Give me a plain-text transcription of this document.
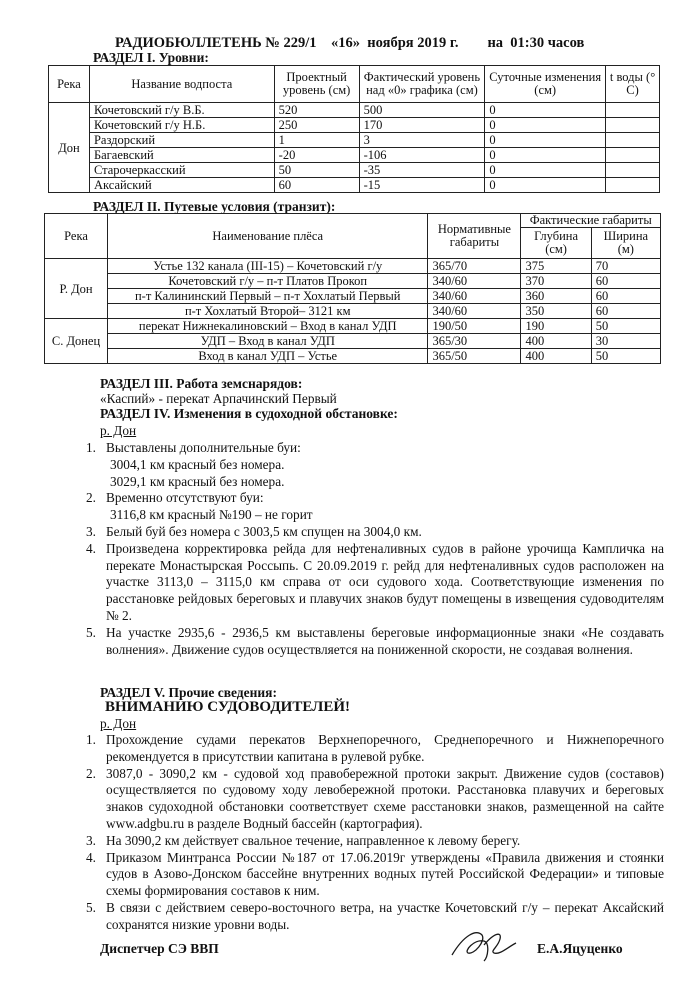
РАДИОБЮЛЛЕТЕНЬ № 229/1    «16»  ноября 2019 г.        на  01:30 часов
РАЗДЕЛ I. Уровни:
Река	Название водпоста	Проектный уровень (см)	Фактический уровень над «0» графика (см)	Суточные изменения (см)	t воды (° С)
Дон	Кочетовский г/у В.Б.	520	500	0	
	Кочетовский г/у Н.Б.	250	170	0	
	Раздорский	1	3	0	
	Багаевский	-20	-106	0	
	Старочеркасский	50	-35	0	
	Аксайский	60	-15	0	
РАЗДЕЛ II. Путевые условия (транзит):
Река	Наименование плёса	Нормативные габариты	Фактические габариты	
			Глубина (см)	Ширина (м)
Р. Дон	Устье 132 канала (III-15) – Кочетовский г/у	365/70	375	70
	Кочетовский г/у – п-т Платов Прокоп	340/60	370	60
	п-т Калининский Первый – п-т Хохлатый Первый	340/60	360	60
	п-т Хохлатый Второй– 3121 км	340/60	350	60
С. Донец	перекат Нижнекалиновский – Вход в канал УДП	190/50	190	50
	УДП – Вход в канал УДП	365/30	400	30
	Вход в канал УДП – Устье	365/50	400	50
РАЗДЕЛ III. Работа земснарядов:
«Каспий» - перекат Арпачинский Первый
РАЗДЕЛ IV. Изменения в судоходной обстановке:
р. Дон
1. Выставлены дополнительные буи:
3004,1 км красный без номера.
3029,1 км красный без номера.
2. Временно отсутствуют буи:
3116,8 км красный №190 – не горит
3. Белый буй без номера с 3003,5 км спущен на 3004,0 км.
4. Произведена корректировка рейда для нефтеналивных судов в районе урочища Кампличка на перекате Монастырская Россыпь. С 20.09.2019 г. рейд для нефтеналивных судов расположен на участке 3113,0 – 3115,0 км справа от оси судового хода. Соответствующие изменения по расстановке рейдовых береговых и плавучих знаков будут помещены в извещения судоводителям № 2.
5. На участке 2935,6 - 2936,5 км выставлены береговые информационные знаки «Не создавать волнения». Движение судов осуществляется на пониженной скорости, не создавая волнения.
РАЗДЕЛ V. Прочие сведения:
ВНИМАНИЮ СУДОВОДИТЕЛЕЙ!
р. Дон
1. Прохождение судами перекатов Верхнепоречного, Среднепоречного и Нижнепоречного рекомендуется в присутствии капитана в рулевой рубке.
2. 3087,0 - 3090,2 км - судовой ход правобережной протоки закрыт. Движение судов (составов) осуществляется по судовому ходу левобережной протоки. Расстановка плавучих и береговых знаков судоходной обстановки соответствует схеме расстановки знаков, размещенной на сайте www.adgbu.ru в разделе Водный бассейн (картография).
3. На 3090,2 км действует свальное течение, направленное к левому берегу.
4. Приказом Минтранса России №187 от 17.06.2019г утверждены «Правила движения и стоянки судов в Азово-Донском бассейне внутренних водных путей Российской Федерации» и типовые схемы формирования составов к ним.
5. В связи с действием северо-восточного ветра, на участке Кочетовский г/у – перекат Аксайский сохранятся низкие уровни воды.
Диспетчер СЭ ВВП	Е.А.Яцуценко
